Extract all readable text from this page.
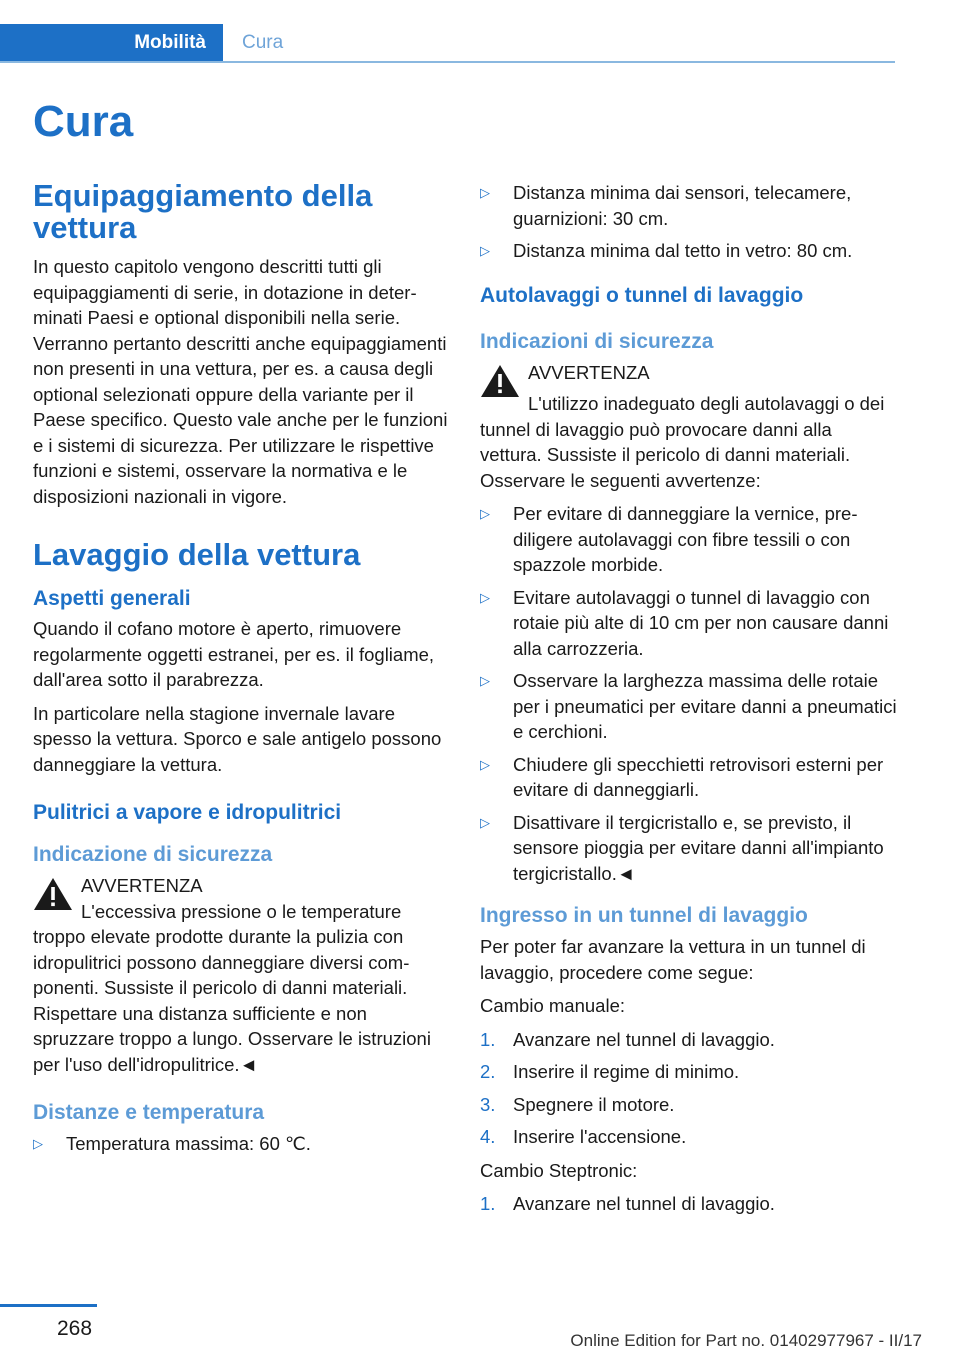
Mobilità	Cura
Cura
Equipaggiamento della vettura

In questo capitolo vengono descritti tutti gli equipaggiamenti di serie, in dotazione in determinati Paesi e optional disponibili nella serie. Verranno pertanto descritti anche equipaggiamenti non presenti in una vettura, per es. a causa degli optional selezionati oppure della variante per il Paese specifico. Questo vale anche per le funzioni e i sistemi di sicurezza. Per utilizzare le rispettive funzioni e sistemi, osservare la normativa e le disposizioni nazionali in vigore.

Lavaggio della vettura
Aspetti generali

Quando il cofano motore è aperto, rimuovere regolarmente oggetti estranei, per es. il fogliame, dall'area sotto il parabrezza.

In particolare nella stagione invernale lavare spesso la vettura. Sporco e sale antigelo possono danneggiare la vettura.

Pulitrici a vapore e idropulitrici
Indicazione di sicurezza
AVVERTENZA

L'eccessiva pressione o le temperature troppo elevate prodotte durante la pulizia con idropulitrici possono danneggiare diversi componenti. Sussiste il pericolo di danni materiali. Rispettare una distanza sufficiente e non spruzzare troppo a lungo. Osservare le istruzioni per l'uso dell'idropulitrice.◄

Distanze e temperatura
▷ Temperatura massima: 60 ℃.
▷ Distanza minima dai sensori, telecamere, guarnizioni: 30 cm.
▷ Distanza minima dal tetto in vetro: 80 cm.
Autolavaggi o tunnel di lavaggio
Indicazioni di sicurezza
AVVERTENZA

L'utilizzo inadeguato degli autolavaggi o dei tunnel di lavaggio può provocare danni alla vettura. Sussiste il pericolo di danni materiali. Osservare le seguenti avvertenze:

▷ Per evitare di danneggiare la vernice, prediligere autolavaggi con fibre tessili o con spazzole morbide.
▷ Evitare autolavaggi o tunnel di lavaggio con rotaie più alte di 10 cm per non causare danni alla carrozzeria.
▷ Osservare la larghezza massima delle rotaie per i pneumatici per evitare danni a pneumatici e cerchioni.
▷ Chiudere gli specchietti retrovisori esterni per evitare di danneggiarli.
▷ Disattivare il tergicristallo e, se previsto, il sensore pioggia per evitare danni all'impianto tergicristallo.◄
Ingresso in un tunnel di lavaggio

Per poter far avanzare la vettura in un tunnel di lavaggio, procedere come segue:

Cambio manuale:

1. Avanzare nel tunnel di lavaggio.
2. Inserire il regime di minimo.
3. Spegnere il motore.
4. Inserire l'accensione.

Cambio Steptronic:

1. Avanzare nel tunnel di lavaggio.
268
Online Edition for Part no. 01402977967 - II/17
